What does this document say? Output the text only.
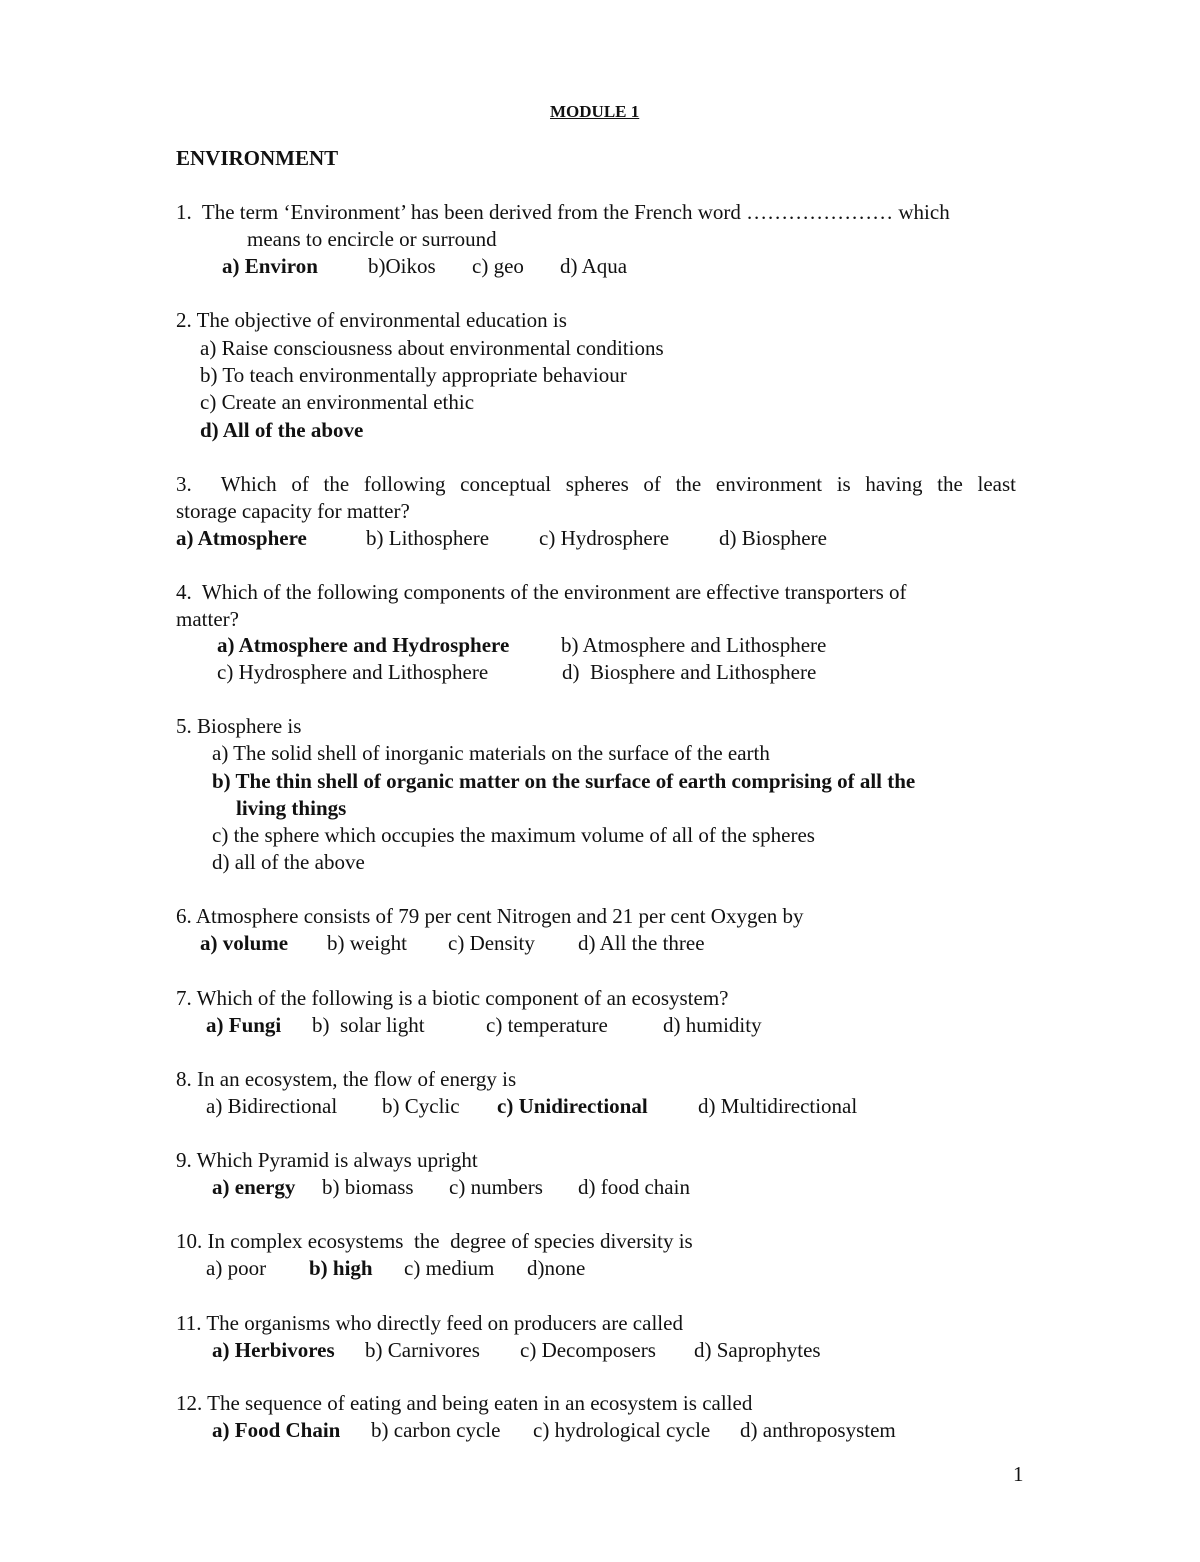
MODULE 1
ENVIRONMENT
1.  The term ‘Environment’ has been derived from the French word ………………… which
means to encircle or surround

a) Environ

b)Oikos

c) geo

d) Aqua

2. The objective of environmental education is
a) Raise consciousness about environmental conditions
b) To teach environmentally appropriate behaviour
c) Create an environmental ethic
d) All of the above
3.  Which of the following conceptual spheres of the environment is having the least
storage capacity for matter?

a) Atmosphere

	b) Lithosphere

c) Hydrosphere

d) Biosphere

4.  Which of the following components of the environment are effective transporters of
matter?

a) Atmosphere and Hydrosphere

b) Atmosphere and Lithosphere

c) Hydrosphere and Lithosphere

	d)  Biosphere and Lithosphere

5. Biosphere is
a) The solid shell of inorganic materials on the surface of the earth
b) The thin shell of organic matter on the surface of earth comprising of all the
living things
c) the sphere which occupies the maximum volume of all of the spheres
d) all of the above
6. Atmosphere consists of 79 per cent Nitrogen and 21 per cent Oxygen by

a) volume

b) weight

c) Density

d) All the three

7. Which of the following is a biotic component of an ecosystem?

a) Fungi

b)  solar light

	c) temperature

	d) humidity

8. In an ecosystem, the flow of energy is

a) Bidirectional

b) Cyclic

c) Unidirectional

d) Multidirectional

9. Which Pyramid is always upright

a) energy

b) biomass

c) numbers

d) food chain

10. In complex ecosystems  the  degree of species diversity is

a) poor

b) high

c) medium

d)none

11. The organisms who directly feed on producers are called

a) Herbivores

b) Carnivores

c) Decomposers

d) Saprophytes

12. The sequence of eating and being eaten in an ecosystem is called

a) Food Chain

b) carbon cycle

c) hydrological cycle

d) anthroposystem

1
